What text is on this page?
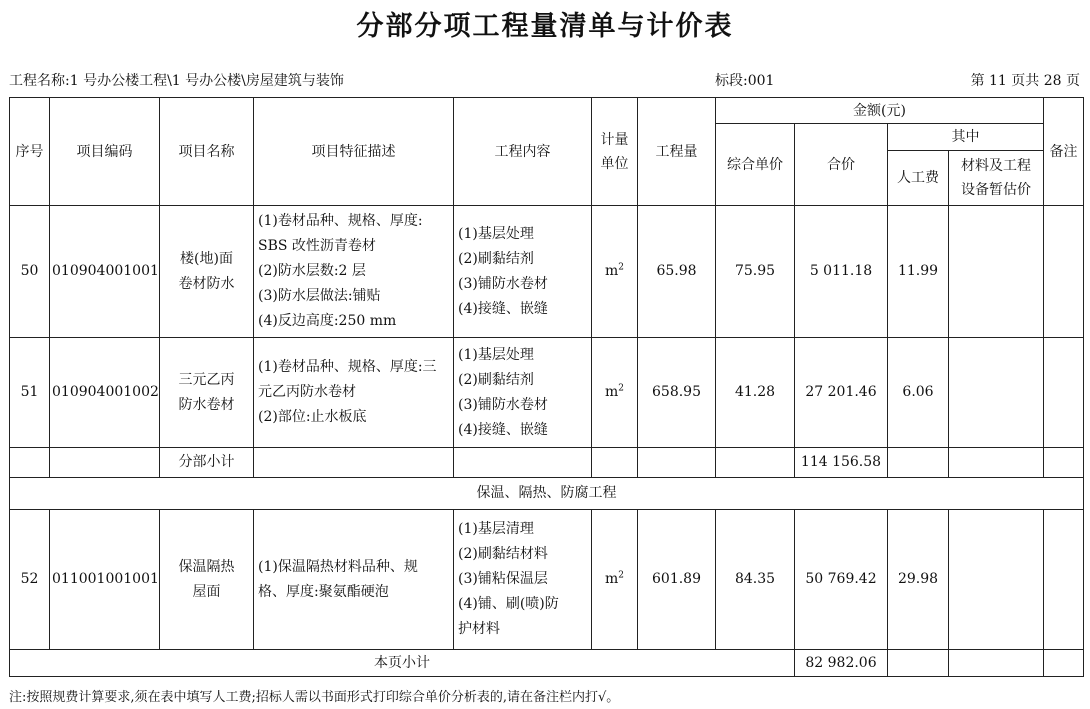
分部分项工程量清单与计价表
工程名称:1 号办公楼工程\1 号办公楼\房屋建筑与装饰	标段:001	第 11 页共 28 页
序号	项目编码	项目名称	项目特征描述	工程内容	计量单位	工程量	金额(元)				备注

							综合单价	合价	其中		
									人工费	材料及工程设备暂估价	

50	010904001001	楼(地)面卷材防水	(1)卷材品种、规格、厚度:
SBS 改性沥青卷材
(2)防水层数:2 层
(3)防水层做法:铺贴
(4)反边高度:250 mm	(1)基层处理
(2)刷黏结剂
(3)铺防水卷材
(4)接缝、嵌缝	$m^2$	65.98	75.95	5 011.18	11.99		
51	010904001002	三元乙丙防水卷材	(1)卷材品种、规格、厚度:三
元乙丙防水卷材
(2)部位:止水板底	(1)基层处理
(2)刷黏结剂
(3)铺防水卷材
(4)接缝、嵌缝	$m^2$	658.95	41.28	27 201.46	6.06		
		分部小计						114 156.58			
保温、隔热、防腐工程											
52	011001001001	保温隔热屋面	(1)保温隔热材料品种、规
格、厚度:聚氨酯硬泡	(1)基层清理
(2)刷黏结材料
(3)铺粘保温层
(4)铺、刷(喷)防
护材料	$m^2$	601.89	84.35	50 769.42	29.98		
本页小计								82 982.06			
注:按照规费计算要求,须在表中填写人工费;招标人需以书面形式打印综合单价分析表的,请在备注栏内打√。
